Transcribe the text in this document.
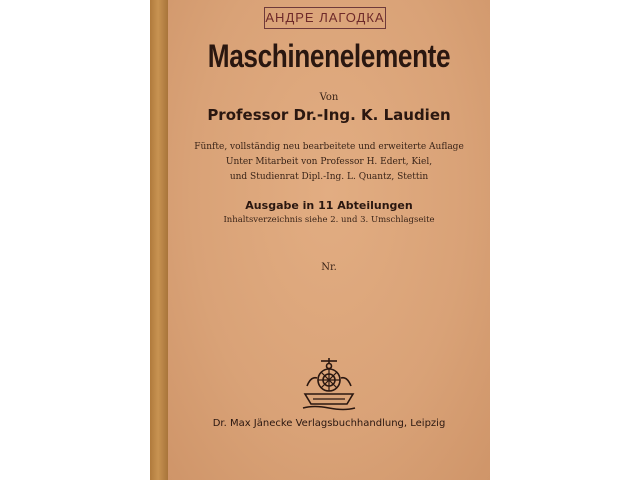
АНДРЕ ЛАГОДКА
Maschinenelemente
Von
Professor Dr.-Ing. K. Laudien
Fünfte, vollständig neu bearbeitete und erweiterte Auflage
Unter Mitarbeit von Professor H. Edert, Kiel,
und Studienrat Dipl.-Ing. L. Quantz, Stettin
Ausgabe in 11 Abteilungen
Inhaltsverzeichnis siehe 2. und 3. Umschlagseite
Nr.
Dr. Max Jänecke Verlagsbuchhandlung, Leipzig
